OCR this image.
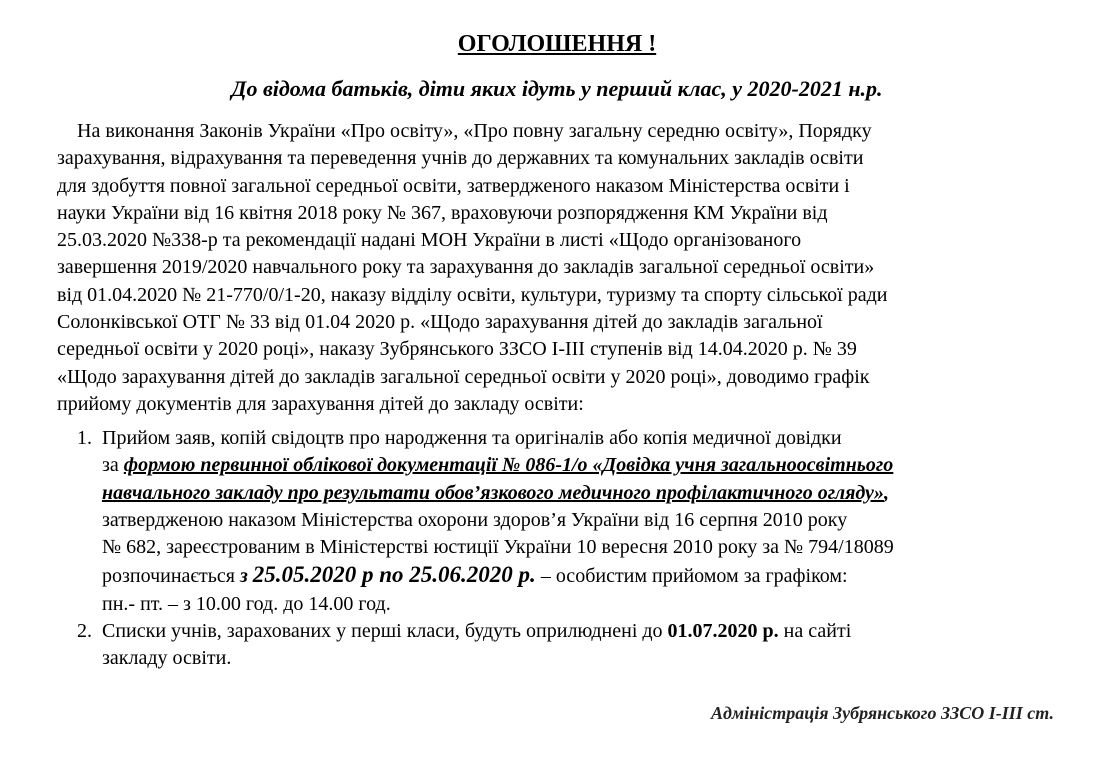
ОГОЛОШЕННЯ !
До відома батьків, діти яких ідуть у перший клас, у 2020-2021 н.р.
На виконання Законів України «Про освіту», «Про повну загальну середню освіту», Порядку
зарахування, відрахування та переведення учнів до державних та комунальних закладів освіти
для здобуття повної загальної середньої освіти, затвердженого наказом Міністерства освіти і
науки України від 16 квітня 2018 року № 367, враховуючи розпорядження КМ України від
25.03.2020 №338-р та рекомендації надані МОН України в листі «Щодо організованого
завершення 2019/2020 навчального року та зарахування до закладів загальної середньої освіти»
від 01.04.2020 № 21-770/0/1-20, наказу відділу освіти, культури, туризму та спорту сільської ради
Солонківської ОТГ № 33 від 01.04 2020 р. «Щодо зарахування дітей до закладів загальної
середньої освіти у 2020 році», наказу Зубрянського ЗЗСО І-ІІІ ступенів від 14.04.2020 р. № 39
«Щодо зарахування дітей до закладів загальної середньої освіти у 2020 році», доводимо графік
прийому документів для зарахування дітей до закладу освіти:
1. Прийом заяв, копій свідоцтв про народження та оригіналів або копія медичної довідки
за формою первинної облікової документації № 086-1/о «Довідка учня загальноосвітнього
навчального закладу про результати обов’язкового медичного профілактичного огляду»,
затвердженою наказом Міністерства охорони здоров’я України від 16 серпня 2010 року
№ 682, зареєстрованим в Міністерстві юстиції України 10 вересня 2010 року за № 794/18089
розпочинається з 25.05.2020 р по 25.06.2020 р. – особистим прийомом за графіком:
пн.- пт. – з 10.00 год. до 14.00 год.
2. Списки учнів, зарахованих у перші класи, будуть оприлюднені до 01.07.2020 р. на сайті
закладу освіти.
Адміністрація Зубрянського ЗЗСО І-ІІІ ст.
